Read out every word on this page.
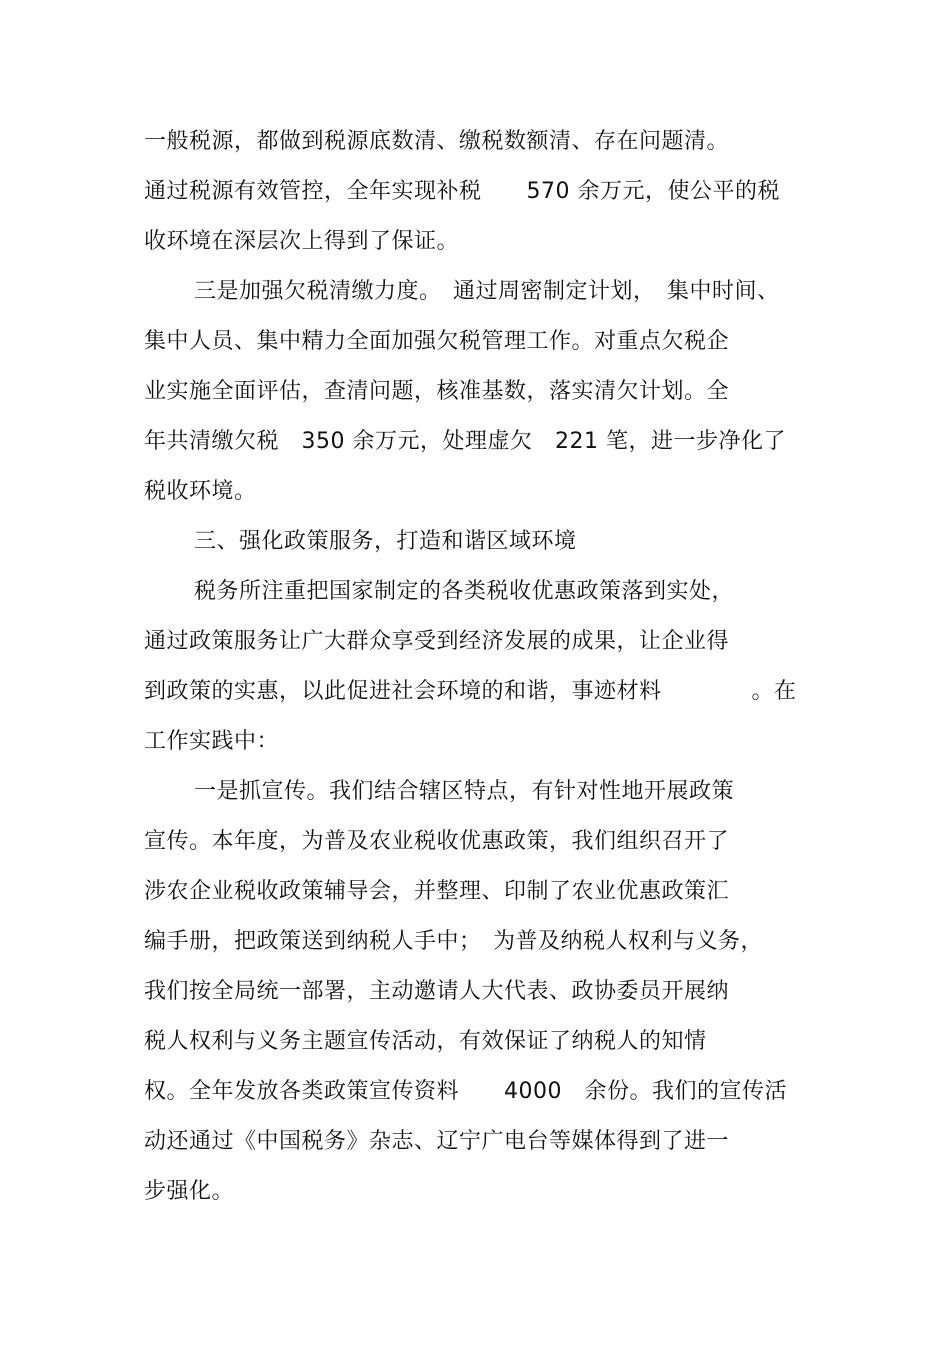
一般税源，都做到税源底数清、缴税数额清、存在问题清。
通过税源有效管控，全年实现补税　　570 余万元，使公平的税
收环境在深层次上得到了保证。
三是加强欠税清缴力度。　通过周密制定计划，　集中时间、
集中人员、集中精力全面加强欠税管理工作。对重点欠税企
业实施全面评估，查清问题，核准基数，落实清欠计划。全
年共清缴欠税　350 余万元，处理虚欠　221 笔，进一步净化了
税收环境。
三、强化政策服务，打造和谐区域环境
税务所注重把国家制定的各类税收优惠政策落到实处，
通过政策服务让广大群众享受到经济发展的成果，让企业得
到政策的实惠，以此促进社会环境的和谐，事迹材料　　　　。在
工作实践中：
一是抓宣传。我们结合辖区特点，有针对性地开展政策
宣传。本年度，为普及农业税收优惠政策，我们组织召开了
涉农企业税收政策辅导会，并整理、印制了农业优惠政策汇
编手册，把政策送到纳税人手中；　为普及纳税人权利与义务，
我们按全局统一部署，主动邀请人大代表、政协委员开展纳
税人权利与义务主题宣传活动，有效保证了纳税人的知情
权。全年发放各类政策宣传资料　　4000　余份。我们的宣传活
动还通过《中国税务》杂志、辽宁广电台等媒体得到了进一
步强化。
